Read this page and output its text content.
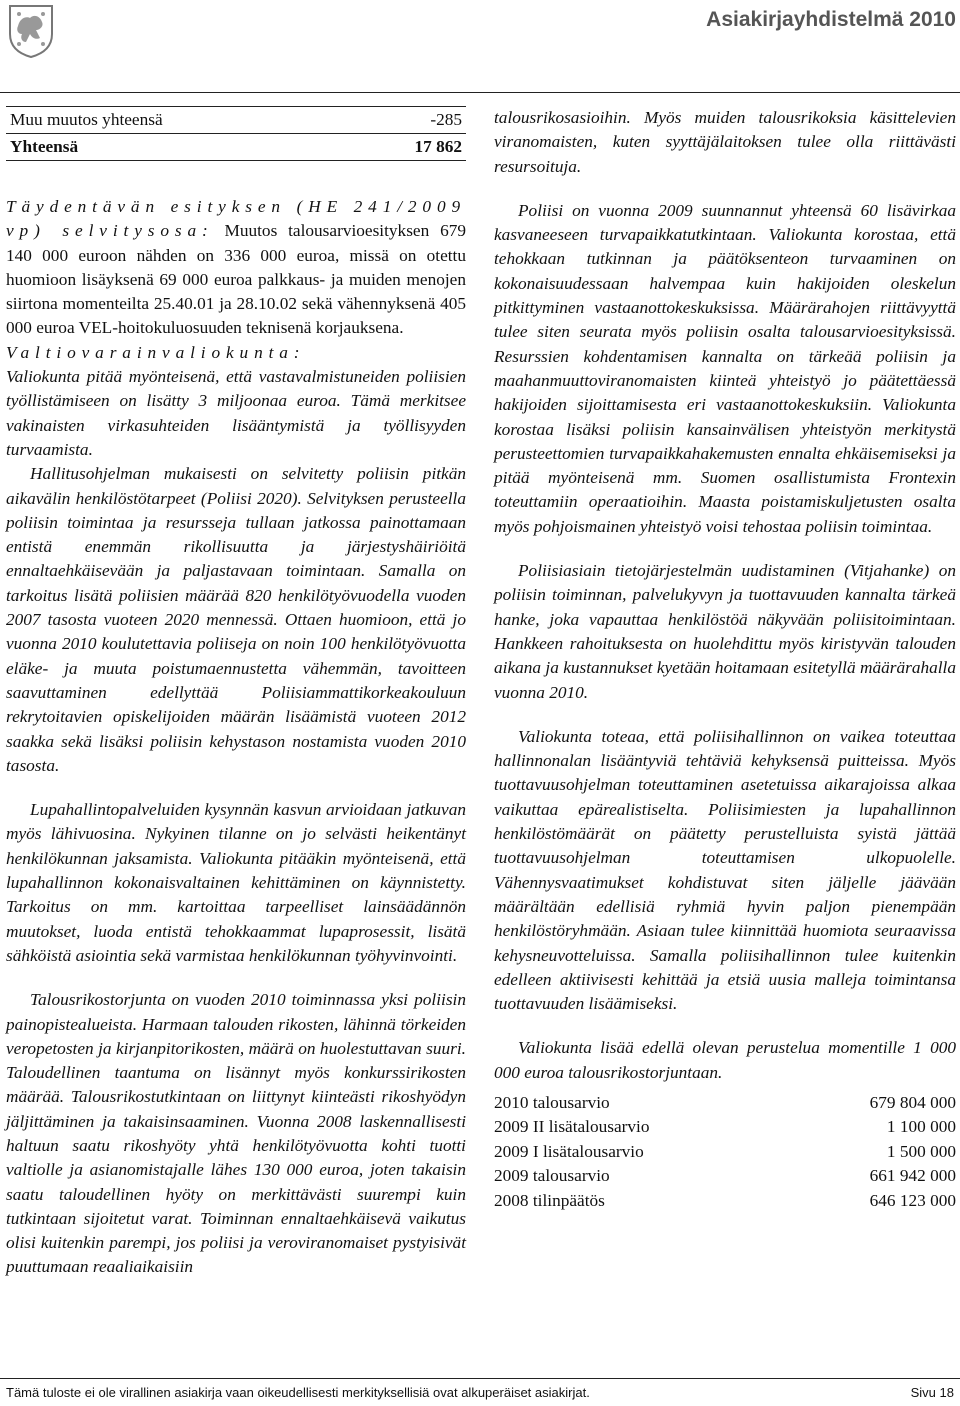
Asiakirjayhdistelmä 2010
Muu muutos yhteensä	-285
Yhteensä	17 862

Täydentävän esityksen (HE 241/2009 vp) selvitysosa: Muutos talousarvioesityksen 679 140 000 euroon nähden on 336 000 euroa, missä on otettu huomioon lisäyksenä 69 000 euroa palkkaus- ja muiden menojen siirtona momenteilta 25.40.01 ja 28.10.02 sekä vähennyksenä 405 000 euroa VEL-hoitokuluosuuden teknisenä korjauksena.

Valtiovarainvaliokunta:

Valiokunta pitää myönteisenä, että vastavalmistuneiden poliisien työllistämiseen on lisätty 3 miljoonaa euroa. Tämä merkitsee vakinaisten virkasuhteiden lisääntymistä ja työllisyyden turvaamista.

Hallitusohjelman mukaisesti on selvitetty poliisin pitkän aikavälin henkilöstötarpeet (Poliisi 2020). Selvityksen perusteella poliisin toimintaa ja resursseja tullaan jatkossa painottamaan entistä enemmän rikollisuutta ja järjestyshäiriöitä ennaltaehkäisevään ja paljastavaan toimintaan. Samalla on tarkoitus lisätä poliisien määrää 820 henkilötyövuodella vuoden 2007 tasosta vuoteen 2020 mennessä. Ottaen huomioon, että jo vuonna 2010 koulutettavia poliiseja on noin 100 henkilötyövuotta eläke- ja muuta poistumaennustetta vähemmän, tavoitteen saavuttaminen edellyttää Poliisiammattikorkeakouluun rekrytoitavien opiskelijoiden määrän lisäämistä vuoteen 2012 saakka sekä lisäksi poliisin kehystason nostamista vuoden 2010 tasosta.

Lupahallintopalveluiden kysynnän kasvun arvioidaan jatkuvan myös lähivuosina. Nykyinen tilanne on jo selvästi heikentänyt henkilökunnan jaksamista. Valiokunta pitääkin myönteisenä, että lupahallinnon kokonaisvaltainen kehittäminen on käynnistetty. Tarkoitus on mm. kartoittaa tarpeelliset lainsäädännön muutokset, luoda entistä tehokkaammat lupaprosessit, lisätä sähköistä asiointia sekä varmistaa henkilökunnan työhyvinvointi.

Talousrikostorjunta on vuoden 2010 toiminnassa yksi poliisin painopistealueista. Harmaan talouden rikosten, lähinnä törkeiden veropetosten ja kirjanpitorikosten, määrä on huolestuttavan suuri. Taloudellinen taantuma on lisännyt myös konkurssirikosten määrää. Talousrikostutkintaan on liittynyt kiinteästi rikoshyödyn jäljittäminen ja takaisinsaaminen. Vuonna 2008 laskennallisesti haltuun saatu rikoshyöty yhtä henkilötyövuotta kohti tuotti valtiolle ja asianomistajalle lähes 130 000 euroa, joten takaisin saatu taloudellinen hyöty on merkittävästi suurempi kuin tutkintaan sijoitetut varat. Toiminnan ennaltaehkäisevä vaikutus olisi kuitenkin parempi, jos poliisi ja veroviranomaiset pystyisivät puuttumaan reaaliaikaisiin

talousrikosasioihin. Myös muiden talousrikoksia käsittelevien viranomaisten, kuten syyttäjälaitoksen tulee olla riittävästi resursoituja.

Poliisi on vuonna 2009 suunnannut yhteensä 60 lisävirkaa kasvaneeseen turvapaikkatutkintaan. Valiokunta korostaa, että tehokkaan tutkinnan ja päätöksenteon turvaaminen on kokonaisuudessaan halvempaa kuin hakijoiden oleskelun pitkittyminen vastaanottokeskuksissa. Määrärahojen riittävyyttä tulee siten seurata myös poliisin osalta talousarvioesityksissä. Resurssien kohdentamisen kannalta on tärkeää poliisin ja maahanmuuttoviranomaisten kiinteä yhteistyö jo päätettäessä hakijoiden sijoittamisesta eri vastaanottokeskuksiin. Valiokunta korostaa lisäksi poliisin kansainvälisen yhteistyön merkitystä perusteettomien turvapaikkahakemusten ennalta ehkäisemiseksi ja pitää myönteisenä mm. Suomen osallistumista Frontexin toteuttamiin operaatioihin. Maasta poistamiskuljetusten osalta myös pohjoismainen yhteistyö voisi tehostaa poliisin toimintaa.

Poliisiasiain tietojärjestelmän uudistaminen (Vitjahanke) on poliisin toiminnan, palvelukyvyn ja tuottavuuden kannalta tärkeä hanke, joka vapauttaa henkilöstöä näkyvään poliisitoimintaan. Hankkeen rahoituksesta on huolehdittu myös kiristyvän talouden aikana ja kustannukset kyetään hoitamaan esitetyllä määrärahalla vuonna 2010.

Valiokunta toteaa, että poliisihallinnon on vaikea toteuttaa hallinnonalan lisääntyviä tehtäviä kehyksensä puitteissa. Myös tuottavuusohjelman toteuttaminen asetetuissa aikarajoissa alkaa vaikuttaa epärealistiselta. Poliisimiesten ja lupahallinnon henkilöstömäärät on päätetty perustelluista syistä jättää tuottavuusohjelman toteuttamisen ulkopuolelle. Vähennysvaatimukset kohdistuvat siten jäljelle jäävään määrältään edellisiä ryhmiä hyvin paljon pienempään henkilöstöryhmään. Asiaan tulee kiinnittää huomiota seuraavissa kehysneuvotteluissa. Samalla poliisihallinnon tulee kuitenkin edelleen aktiivisesti kehittää ja etsiä uusia malleja toimintansa tuottavuuden lisäämiseksi.

Valiokunta lisää edellä olevan perustelua momentille 1 000 000 euroa talousrikostorjuntaan.

2010 talousarvio	679 804 000
2009 II lisätalousarvio	1 100 000
2009 I lisätalousarvio	1 500 000
2009 talousarvio	661 942 000
2008 tilinpäätös	646 123 000
Tämä tuloste ei ole virallinen asiakirja vaan oikeudellisesti merkityksellisiä ovat alkuperäiset asiakirjat.	Sivu 18
